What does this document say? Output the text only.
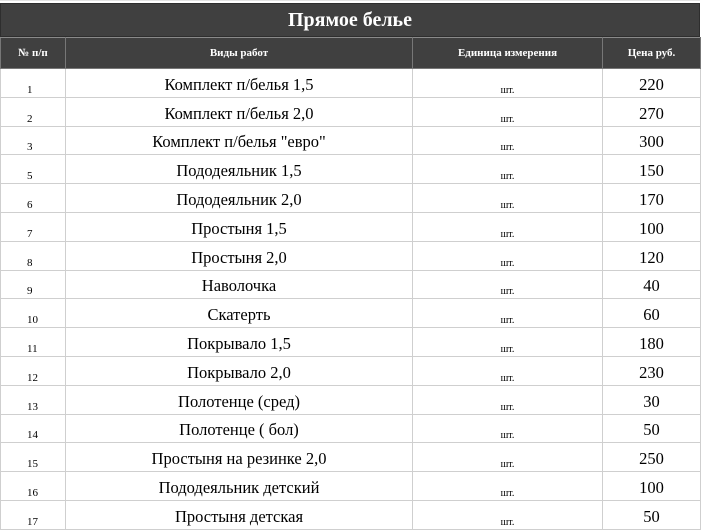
Прямое белье
№ п/п	Виды работ	Единица измерения	Цена руб.
1	Комплект п/белья 1,5	шт.	220
2	Комплект п/белья 2,0	шт.	270
3	Комплект п/белья "евро"	шт.	300
5	Пододеяльник 1,5	шт.	150
6	Пододеяльник 2,0	шт.	170
7	Простыня 1,5	шт.	100
8	Простыня 2,0	шт.	120
9	Наволочка	шт.	40
10	Скатерть	шт.	60
11	Покрывало 1,5	шт.	180
12	Покрывало 2,0	шт.	230
13	Полотенце (сред)	шт.	30
14	Полотенце ( бол)	шт.	50
15	Простыня на резинке 2,0	шт.	250
16	Пододеяльник детский	шт.	100
17	Простыня детская	шт.	50
